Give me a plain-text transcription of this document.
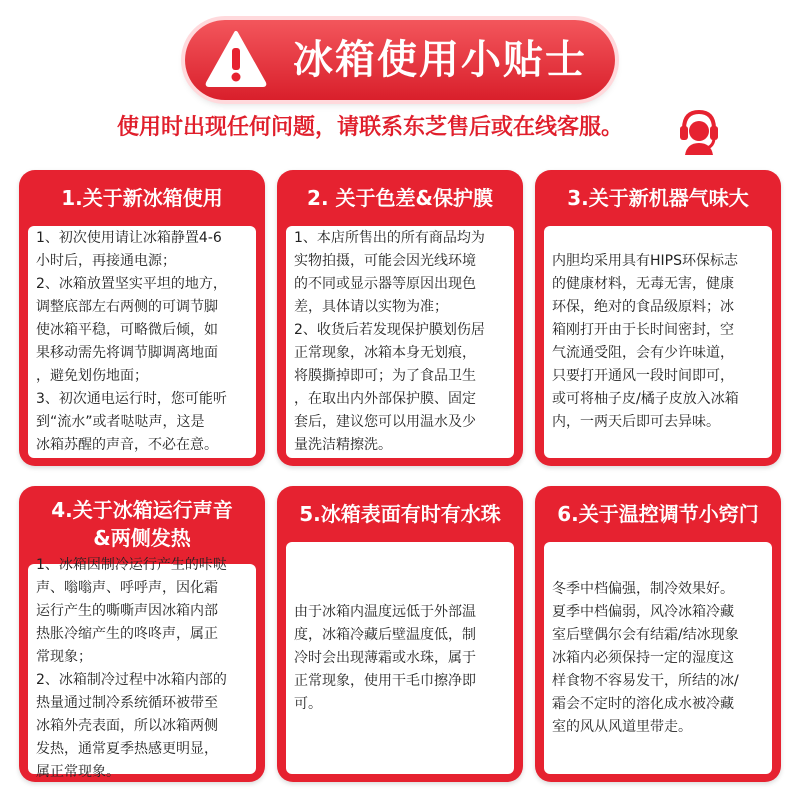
冰箱使用小贴士
使用时出现任何问题，请联系东芝售后或在线客服。
1.关于新冰箱使用

1、初次使用请让冰箱静置4-6
小时后，再接通电源；
2、冰箱放置坚实平坦的地方，
调整底部左右两侧的可调节脚
使冰箱平稳，可略微后倾，如
果移动需先将调节脚调离地面
，避免划伤地面；
3、初次通电运行时，您可能听
到“流水”或者哒哒声，这是
冰箱苏醒的声音，不必在意。

2. 关于色差&保护膜

1、本店所售出的所有商品均为
实物拍摄，可能会因光线环境
的不同或显示器等原因出现色
差，具体请以实物为准；
2、收货后若发现保护膜划伤居
正常现象，冰箱本身无划痕，
将膜撕掉即可；为了食品卫生
，在取出内外部保护膜、固定
套后，建议您可以用温水及少
量洗洁精擦洗。

3.关于新机器气味大

内胆均采用具有HIPS环保标志
的健康材料，无毒无害，健康
环保，绝对的食品级原料；冰
箱刚打开由于长时间密封，空
气流通受阻，会有少许味道，
只要打开通风一段时间即可，
或可将柚子皮/橘子皮放入冰箱
内，一两天后即可去异味。

4.关于冰箱运行声音
&两侧发热

1、冰箱因制冷运行产生的咔哒
声、嗡嗡声、呼呼声，因化霜
运行产生的嘶嘶声因冰箱内部
热胀冷缩产生的咚咚声，属正
常现象；
2、冰箱制冷过程中冰箱内部的
热量通过制冷系统循环被带至
冰箱外壳表面，所以冰箱两侧
发热，通常夏季热感更明显，
属正常现象。

5.冰箱表面有时有水珠

由于冰箱内温度远低于外部温
度，冰箱冷藏后壁温度低，制
冷时会出现薄霜或水珠，属于
正常现象，使用干毛巾擦净即
可。

6.关于温控调节小窍门

冬季中档偏强，制冷效果好。
夏季中档偏弱，风冷冰箱冷藏
室后壁偶尔会有结霜/结冰现象
冰箱内必须保持一定的湿度这
样食物不容易发干，所结的冰/
霜会不定时的溶化成水被冷藏
室的风从风道里带走。
